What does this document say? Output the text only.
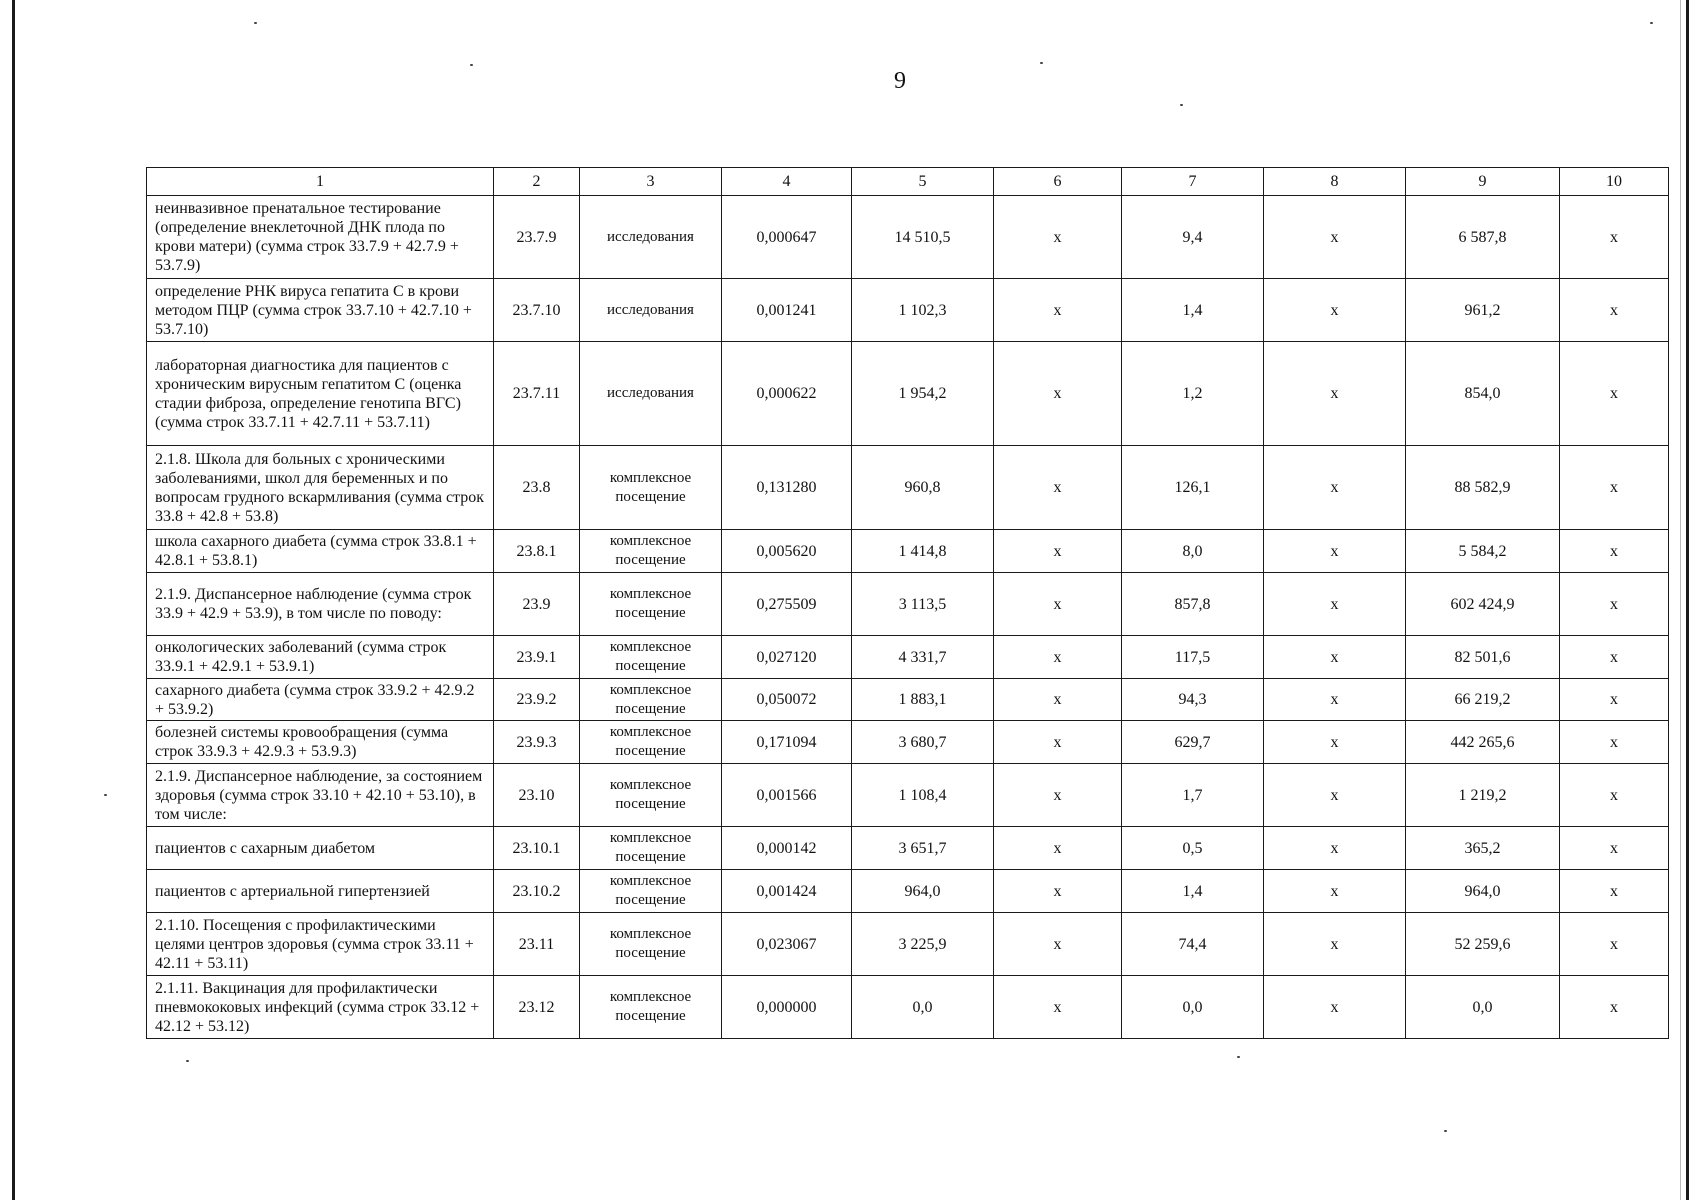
9
1	2	3	4	5	6	7	8	9	10
неинвазивное пренатальное тестирование (определение внеклеточной ДНК плода по крови матери) (сумма строк 33.7.9 + 42.7.9 + 53.7.9)	23.7.9	исследования	0,000647	14 510,5	х	9,4	х	6 587,8	х
определение РНК вируса гепатита С в крови методом ПЦР (сумма строк 33.7.10 + 42.7.10 + 53.7.10)	23.7.10	исследования	0,001241	1 102,3	х	1,4	х	961,2	х
лабораторная диагностика для пациентов с хроническим вирусным гепатитом С (оценка стадии фиброза, определение генотипа ВГС) (сумма строк 33.7.11 + 42.7.11 + 53.7.11)	23.7.11	исследования	0,000622	1 954,2	х	1,2	х	854,0	х
2.1.8. Школа для больных с хроническими заболеваниями, школ для беременных и по вопросам грудного вскармливания (сумма строк 33.8 + 42.8 + 53.8)	23.8	комплексное посещение	0,131280	960,8	х	126,1	х	88 582,9	х
школа сахарного диабета (сумма строк 33.8.1 + 42.8.1 + 53.8.1)	23.8.1	комплексное посещение	0,005620	1 414,8	х	8,0	х	5 584,2	х
2.1.9. Диспансерное наблюдение (сумма строк 33.9 + 42.9 + 53.9), в том числе по поводу:	23.9	комплексное посещение	0,275509	3 113,5	х	857,8	х	602 424,9	х
онкологических заболеваний (сумма строк 33.9.1 + 42.9.1 + 53.9.1)	23.9.1	комплексное посещение	0,027120	4 331,7	х	117,5	х	82 501,6	х
сахарного диабета (сумма строк 33.9.2 + 42.9.2 + 53.9.2)	23.9.2	комплексное посещение	0,050072	1 883,1	х	94,3	х	66 219,2	х
болезней системы кровообращения (сумма строк 33.9.3 + 42.9.3 + 53.9.3)	23.9.3	комплексное посещение	0,171094	3 680,7	х	629,7	х	442 265,6	х
2.1.9. Диспансерное наблюдение, за состоянием здоровья (сумма строк 33.10 + 42.10 + 53.10), в том числе:	23.10	комплексное посещение	0,001566	1 108,4	х	1,7	х	1 219,2	х
пациентов с сахарным диабетом	23.10.1	комплексное посещение	0,000142	3 651,7	х	0,5	х	365,2	х
пациентов с артериальной гипертензией	23.10.2	комплексное посещение	0,001424	964,0	х	1,4	х	964,0	х
2.1.10. Посещения с профилактическими целями центров здоровья (сумма строк 33.11 + 42.11 + 53.11)	23.11	комплексное посещение	0,023067	3 225,9	х	74,4	х	52 259,6	х
2.1.11. Вакцинация для профилактически пневмококовых инфекций (сумма строк 33.12 + 42.12 + 53.12)	23.12	комплексное посещение	0,000000	0,0	х	0,0	х	0,0	х
